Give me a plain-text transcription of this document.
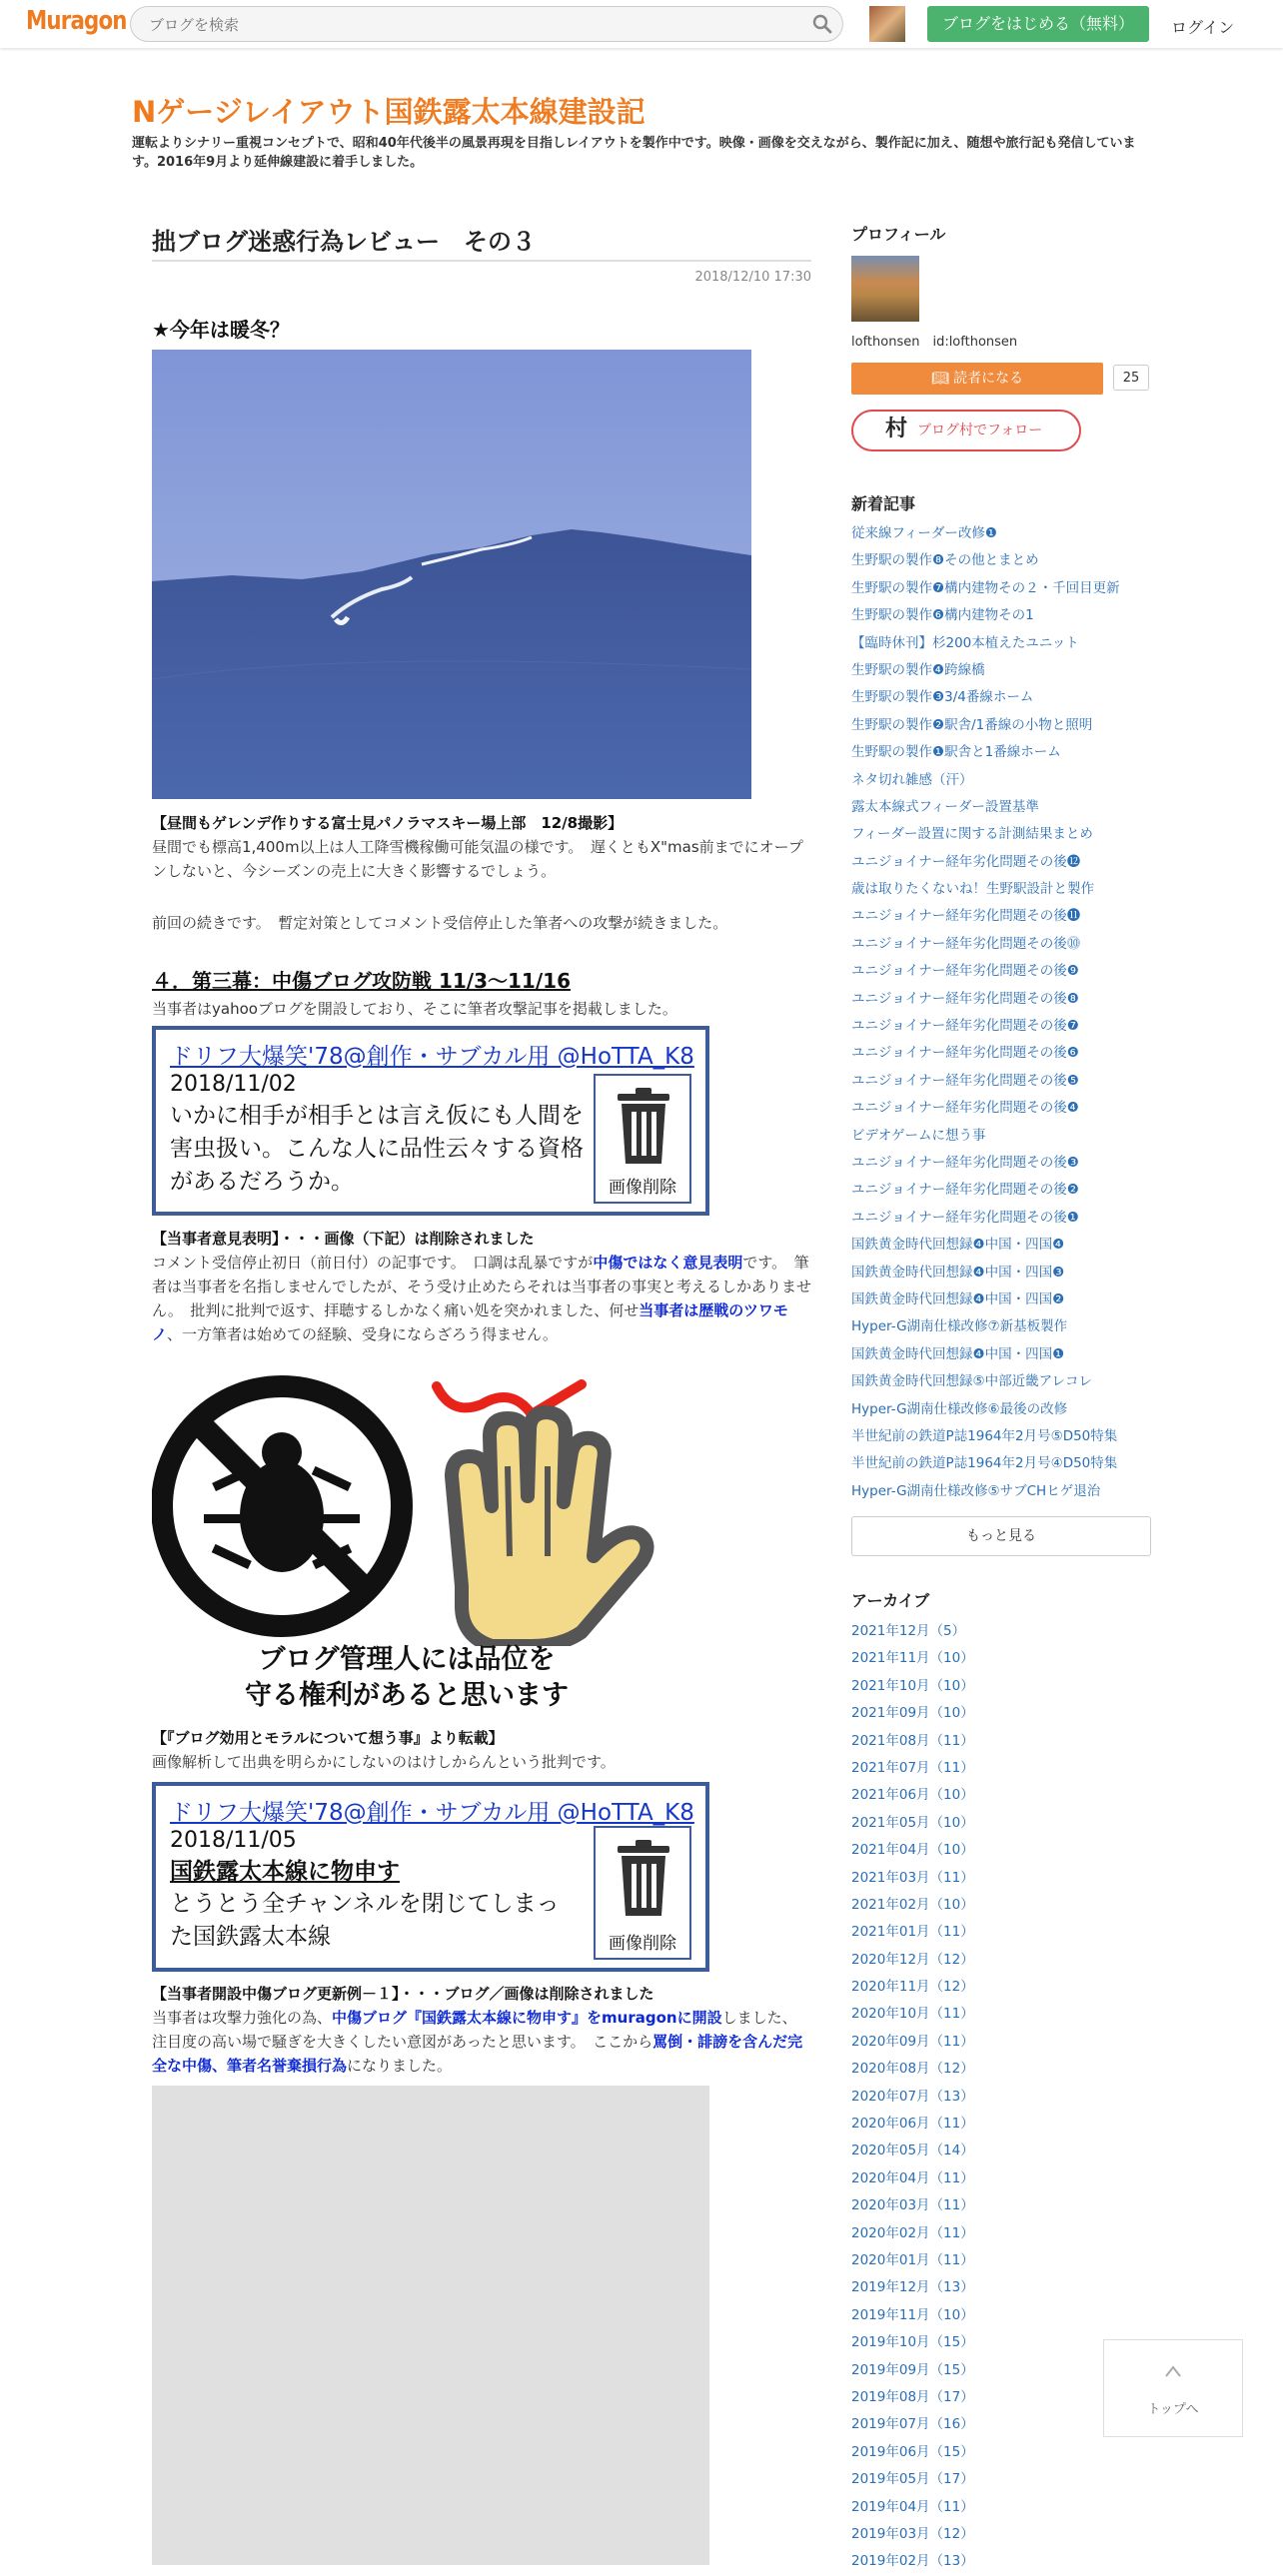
Muragon
ブログを検索	ブログをはじめる（無料）	ログイン
Nゲージレイアウト国鉄露太本線建設記
運転よりシナリー重視コンセプトで、昭和40年代後半の風景再現を目指しレイアウトを製作中です。映像・画像を交えながら、製作記に加え、随想や旅行記も発信しています。2016年9月より延伸線建設に着手しました。
拙ブログ迷惑行為レビュー　その３
2018/12/10 17:30
★今年は暖冬？
【昼間もゲレンデ作りする富士見パノラマスキー場上部　12/8撮影】
昼間でも標高1,400m以上は人工降雪機稼働可能気温の様です。　遅くともX"mas前までにオープンしないと、今シーズンの売上に大きく影響するでしょう。
前回の続きです。　暫定対策としてコメント受信停止した筆者への攻撃が続きました。
４．第三幕：中傷ブログ攻防戦 11/3～11/16
当事者はyahooブログを開設しており、そこに筆者攻撃記事を掲載しました。
ドリフ大爆笑'78@創作・サブカル用 @HoTTA_K8
2018/11/02
いかに相手が相手とは言え仮にも人間を害虫扱い。こんな人に品性云々する資格があるだろうか。	画像削除
【当事者意見表明】・・・画像（下記）は削除されました
コメント受信停止初日（前日付）の記事です。　口調は乱暴ですが中傷ではなく意見表明です。　筆者は当事者を名指しませんでしたが、そう受け止めたらそれは当事者の事実と考えるしかありません。　批判に批判で返す、拝聴するしかなく痛い処を突かれました、何せ当事者は歴戦のツワモノ、一方筆者は始めての経験、受身にならざろう得ません。
ブログ管理人には品位を
守る権利があると思います
【『ブログ効用とモラルについて想う事』より転載】
画像解析して出典を明らかにしないのはけしからんという批判です。
ドリフ大爆笑'78@創作・サブカル用 @HoTTA_K8
2018/11/05
国鉄露太本線に物申す
とうとう全チャンネルを閉じてしまった国鉄露太本線	画像削除
【当事者開設中傷ブログ更新例－１】・・・ブログ／画像は削除されました
当事者は攻撃力強化の為、中傷ブログ『国鉄露太本線に物申す』をmuragonに開設しました、注目度の高い場で騒ぎを大きくしたい意図があったと思います。　ここから罵倒・誹謗を含んだ完全な中傷、筆者名誉棄損行為になりました。
プロフィール
lofthonsen　id:lofthonsen
📖︎ 読者になる	25
村 ブログ村でフォロー
新着記事
従来線フィーダー改修❶
生野駅の製作❽その他とまとめ
生野駅の製作❼構内建物その２・千回目更新
生野駅の製作❻構内建物その1
【臨時休刊】杉200本植えたユニット
生野駅の製作❹跨線橋
生野駅の製作❸3/4番線ホーム
生野駅の製作❷駅舎/1番線の小物と照明
生野駅の製作❶駅舎と1番線ホーム
ネタ切れ雑感（汗）
露太本線式フィーダー設置基準
フィーダー設置に関する計測結果まとめ
ユニジョイナー経年劣化問題その後⓬
歳は取りたくないね！生野駅設計と製作
ユニジョイナー経年劣化問題その後⓫
ユニジョイナー経年劣化問題その後⓾
ユニジョイナー経年劣化問題その後❾
ユニジョイナー経年劣化問題その後❽
ユニジョイナー経年劣化問題その後❼
ユニジョイナー経年劣化問題その後❻
ユニジョイナー経年劣化問題その後❺
ユニジョイナー経年劣化問題その後❹
ビデオゲームに想う事
ユニジョイナー経年劣化問題その後❸
ユニジョイナー経年劣化問題その後❷
ユニジョイナー経年劣化問題その後❶
国鉄黄金時代回想録❹中国・四国❹
国鉄黄金時代回想録❹中国・四国❸
国鉄黄金時代回想録❹中国・四国❷
Hyper-G湖南仕様改修⑦新基板製作
国鉄黄金時代回想録❹中国・四国❶
国鉄黄金時代回想録⑤中部近畿アレコレ
Hyper-G湖南仕様改修⑥最後の改修
半世紀前の鉄道P誌1964年2月号⑤D50特集
半世紀前の鉄道P誌1964年2月号④D50特集
Hyper-G湖南仕様改修⑤サブCHヒゲ退治
もっと見る
アーカイブ
2021年12月（5）
2021年11月（10）
2021年10月（10）
2021年09月（10）
2021年08月（11）
2021年07月（11）
2021年06月（10）
2021年05月（10）
2021年04月（10）
2021年03月（11）
2021年02月（10）
2021年01月（11）
2020年12月（12）
2020年11月（12）
2020年10月（11）
2020年09月（11）
2020年08月（12）
2020年07月（13）
2020年06月（11）
2020年05月（14）
2020年04月（11）
2020年03月（11）
2020年02月（11）
2020年01月（11）
2019年12月（13）
2019年11月（10）
2019年10月（15）
2019年09月（15）
2019年08月（17）
2019年07月（16）
2019年06月（15）
2019年05月（17）
2019年04月（11）
2019年03月（12）
2019年02月（13）
トップへ
